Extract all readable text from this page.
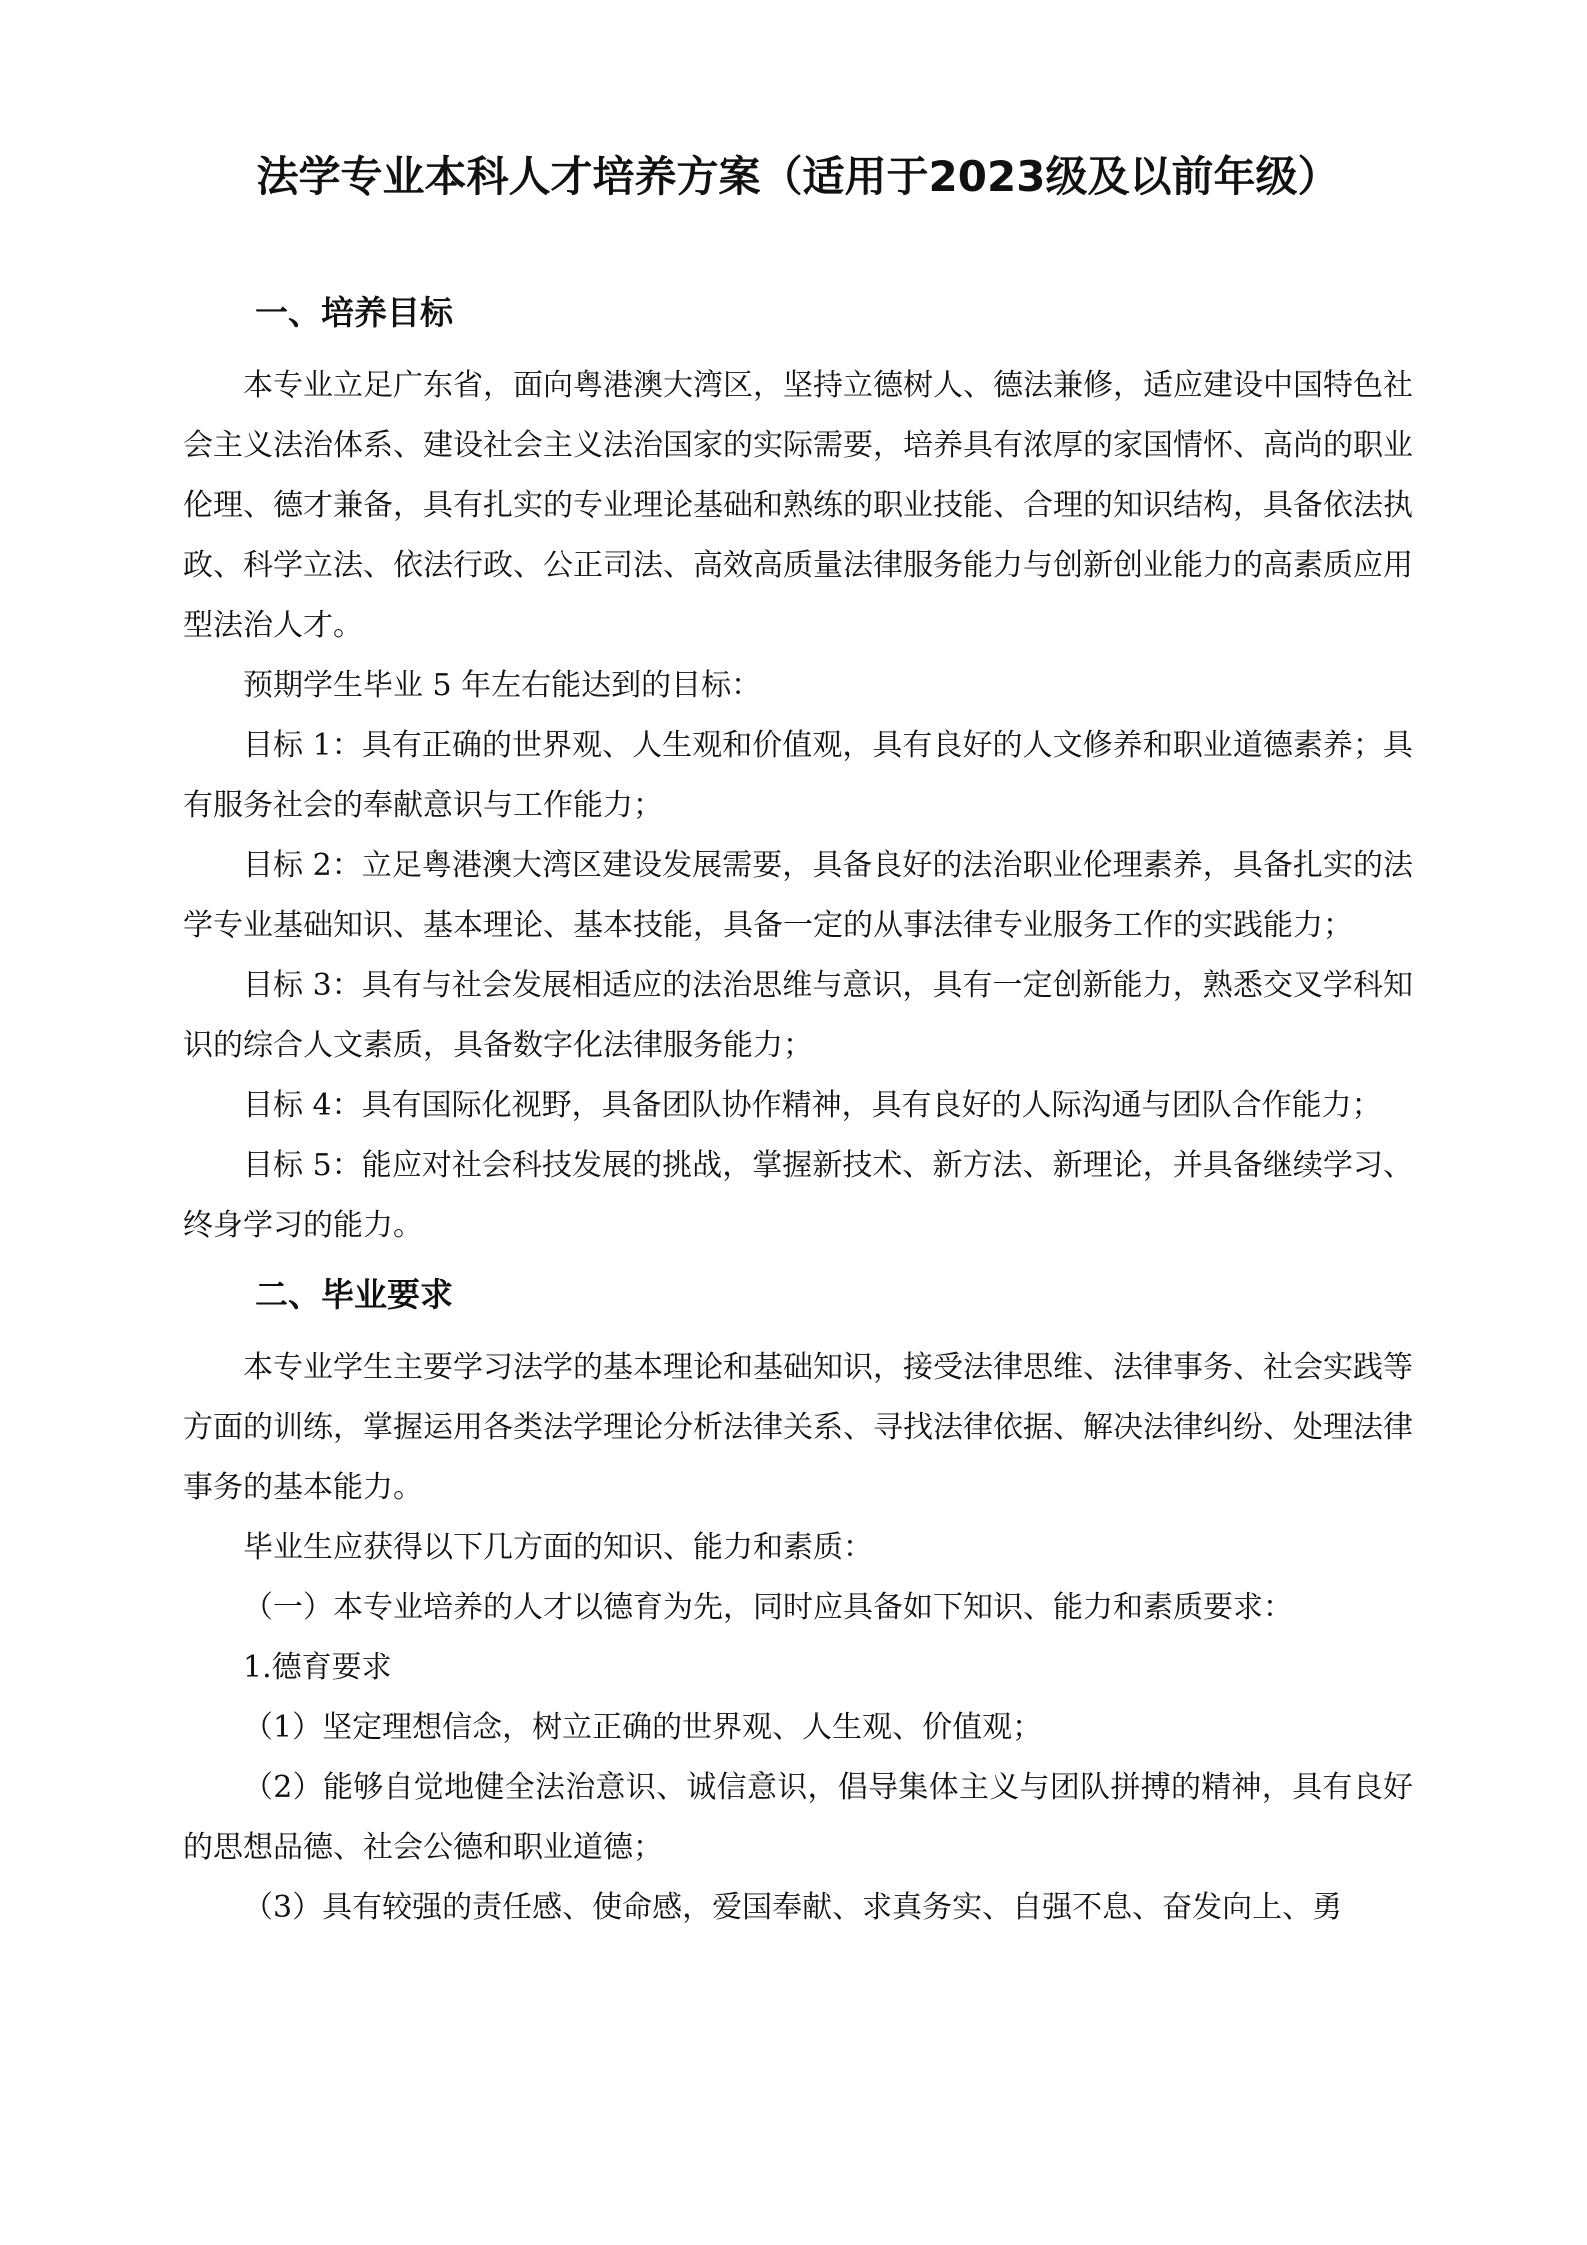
法学专业本科人才培养方案（适用于2023级及以前年级）
一、培养目标

本专业立足广东省，面向粤港澳大湾区，坚持立德树人、德法兼修，适应建设中国特色社会主义法治体系、建设社会主义法治国家的实际需要，培养具有浓厚的家国情怀、高尚的职业伦理、德才兼备，具有扎实的专业理论基础和熟练的职业技能、合理的知识结构，具备依法执政、科学立法、依法行政、公正司法、高效高质量法律服务能力与创新创业能力的高素质应用型法治人才。

预期学生毕业 5 年左右能达到的目标：

目标 1：具有正确的世界观、人生观和价值观，具有良好的人文修养和职业道德素养；具有服务社会的奉献意识与工作能力；

目标 2：立足粤港澳大湾区建设发展需要，具备良好的法治职业伦理素养，具备扎实的法学专业基础知识、基本理论、基本技能，具备一定的从事法律专业服务工作的实践能力；

目标 3：具有与社会发展相适应的法治思维与意识，具有一定创新能力，熟悉交叉学科知识的综合人文素质，具备数字化法律服务能力；

目标 4：具有国际化视野，具备团队协作精神，具有良好的人际沟通与团队合作能力；

目标 5：能应对社会科技发展的挑战，掌握新技术、新方法、新理论，并具备继续学习、终身学习的能力。

二、毕业要求

本专业学生主要学习法学的基本理论和基础知识，接受法律思维、法律事务、社会实践等方面的训练，掌握运用各类法学理论分析法律关系、寻找法律依据、解决法律纠纷、处理法律事务的基本能力。

毕业生应获得以下几方面的知识、能力和素质：

（一）本专业培养的人才以德育为先，同时应具备如下知识、能力和素质要求：

1.德育要求

（1）坚定理想信念，树立正确的世界观、人生观、价值观；

（2）能够自觉地健全法治意识、诚信意识，倡导集体主义与团队拼搏的精神，具有良好的思想品德、社会公德和职业道德；

（3）具有较强的责任感、使命感，爱国奉献、求真务实、自强不息、奋发向上、勇
